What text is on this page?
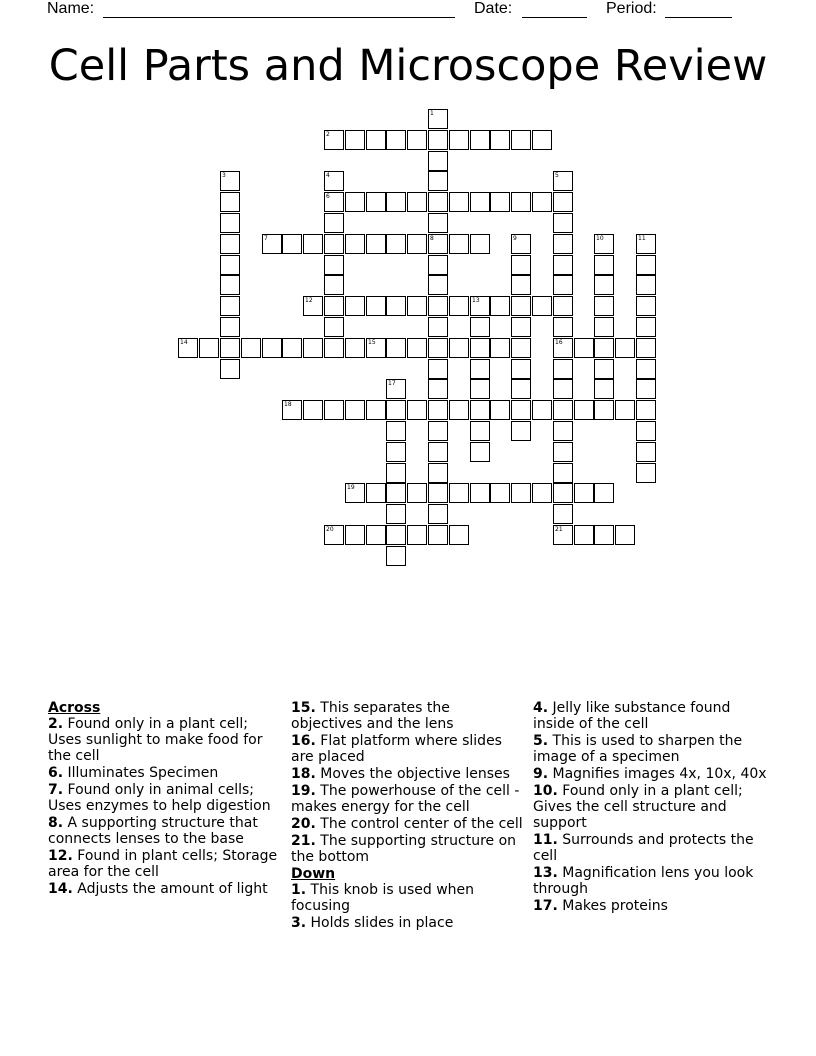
Name:	Date:	Period:
Cell Parts and Microscope Review
1
8
2
3	4
6
5
16
7	9	10	11
12	13
14	15
17
18
19
20	21
Across
2. Found only in a plant cell; Uses sunlight to make food for the cell
6. Illuminates Specimen
7. Found only in animal cells; Uses enzymes to help digestion
8. A supporting structure that connects lenses to the base
12. Found in plant cells; Storage area for the cell
14. Adjusts the amount of light
15. This separates the objectives and the lens
16. Flat platform where slides are placed
18. Moves the objective lenses
19. The powerhouse of the cell - makes energy for the cell
20. The control center of the cell
21. The supporting structure on the bottom
Down
1. This knob is used when focusing
3. Holds slides in place
4. Jelly like substance found inside of the cell
5. This is used to sharpen the image of a specimen
9. Magnifies images 4x, 10x, 40x
10. Found only in a plant cell; Gives the cell structure and support
11. Surrounds and protects the cell
13. Magnification lens you look through
17. Makes proteins
